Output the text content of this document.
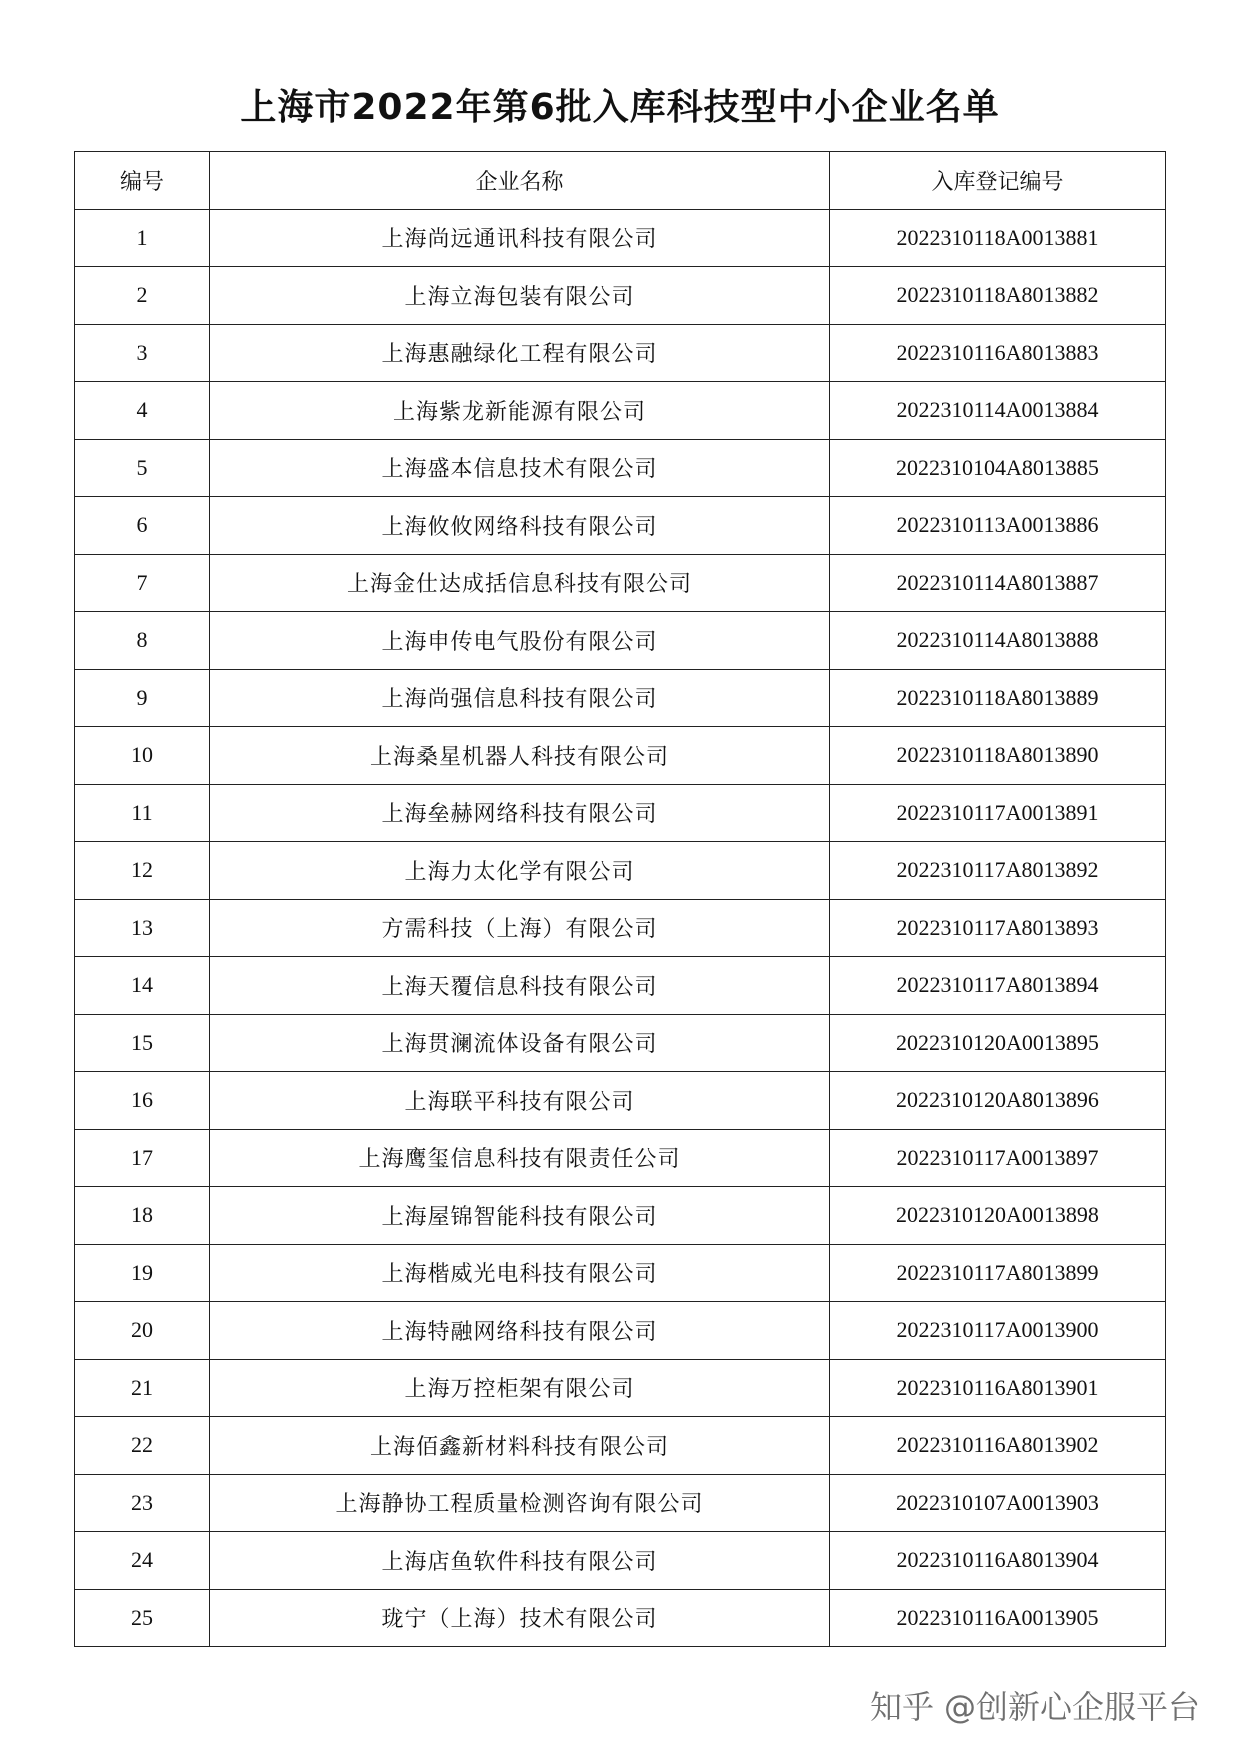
上海市2022年第6批入库科技型中小企业名单
编号	企业名称	入库登记编号
1	上海尚远通讯科技有限公司	2022310118A0013881
2	上海立海包装有限公司	2022310118A8013882
3	上海惠融绿化工程有限公司	2022310116A8013883
4	上海紫龙新能源有限公司	2022310114A0013884
5	上海盛本信息技术有限公司	2022310104A8013885
6	上海攸攸网络科技有限公司	2022310113A0013886
7	上海金仕达成括信息科技有限公司	2022310114A8013887
8	上海申传电气股份有限公司	2022310114A8013888
9	上海尚强信息科技有限公司	2022310118A8013889
10	上海桑星机器人科技有限公司	2022310118A8013890
11	上海垒赫网络科技有限公司	2022310117A0013891
12	上海力太化学有限公司	2022310117A8013892
13	方需科技（上海）有限公司	2022310117A8013893
14	上海天覆信息科技有限公司	2022310117A8013894
15	上海贯澜流体设备有限公司	2022310120A0013895
16	上海联平科技有限公司	2022310120A8013896
17	上海鹰玺信息科技有限责任公司	2022310117A0013897
18	上海屋锦智能科技有限公司	2022310120A0013898
19	上海楷威光电科技有限公司	2022310117A8013899
20	上海特融网络科技有限公司	2022310117A0013900
21	上海万控柜架有限公司	2022310116A8013901
22	上海佰鑫新材料科技有限公司	2022310116A8013902
23	上海静协工程质量检测咨询有限公司	2022310107A0013903
24	上海店鱼软件科技有限公司	2022310116A8013904
25	珑宁（上海）技术有限公司	2022310116A0013905
知乎 @创新心企服平台
